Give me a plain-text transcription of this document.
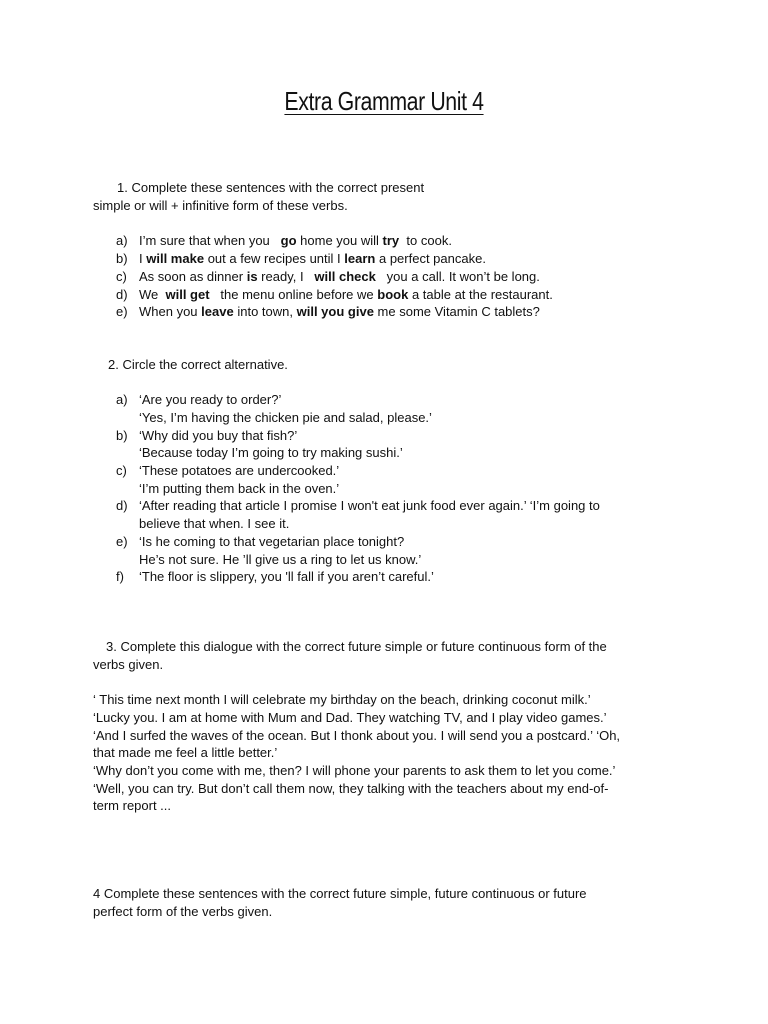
Extra Grammar Unit 4
1. Complete these sentences with the correct present
simple or will + infinitive form of these verbs.
a) I’m sure that when you go home you will try to cook.
b) I will make out a few recipes until I learn a perfect pancake.
c) As soon as dinner is ready, I will check you a call. It won’t be long.
d) We will get the menu online before we book a table at the restaurant.
e) When you leave into town, will you give me some Vitamin C tablets?
2. Circle the correct alternative.
a) ‘Are you ready to order?’
‘Yes, I’m having the chicken pie and salad, please.’
b) ‘Why did you buy that fish?’
‘Because today I’m going to try making sushi.’
c) ‘These potatoes are undercooked.’
‘I’m putting them back in the oven.’
d) ‘After reading that article I promise I won't eat junk food ever again.’ ‘I’m going to
believe that when. I see it.
e) ‘Is he coming to that vegetarian place tonight?
He’s not sure. He ’ll give us a ring to let us know.’
f) ‘The floor is slippery, you 'll fall if you aren’t careful.’
3. Complete this dialogue with the correct future simple or future continuous form of the
verbs given.
‘ This time next month I will celebrate my birthday on the beach, drinking coconut milk.’
‘Lucky you. I am at home with Mum and Dad. They watching TV, and I play video games.’
‘And I surfed the waves of the ocean. But I thonk about you. I will send you a postcard.’ ‘Oh,
that made me feel a little better.’
‘Why don’t you come with me, then? I will phone your parents to ask them to let you come.’
‘Well, you can try. But don’t call them now, they talking with the teachers about my end-of-
term report ...
4 Complete these sentences with the correct future simple, future continuous or future
perfect form of the verbs given.
